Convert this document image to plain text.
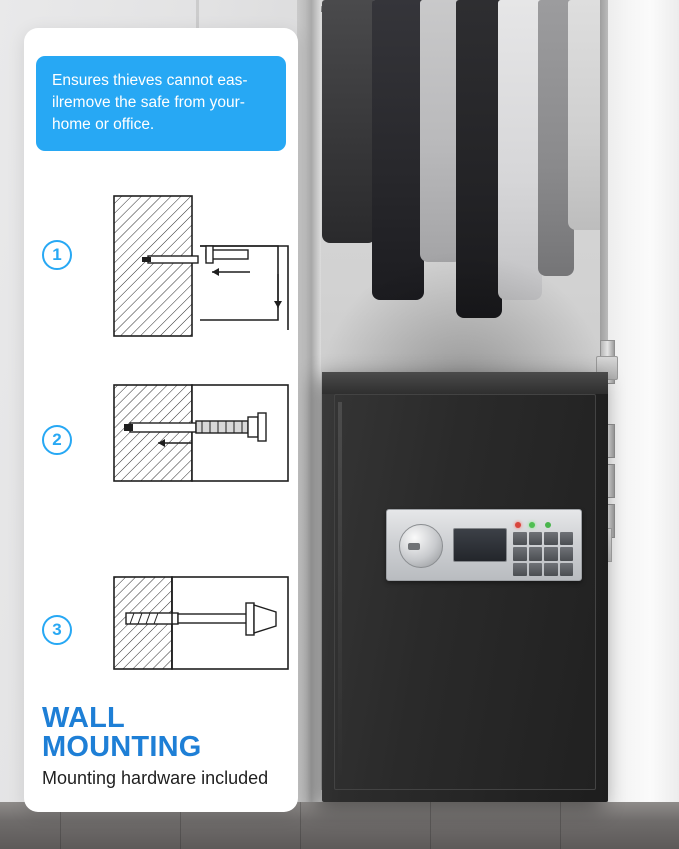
Ensures thieves cannot eas-ilremove the safe from your-home or office.
1
2
3

WALL MOUNTING

Mounting hardware included
